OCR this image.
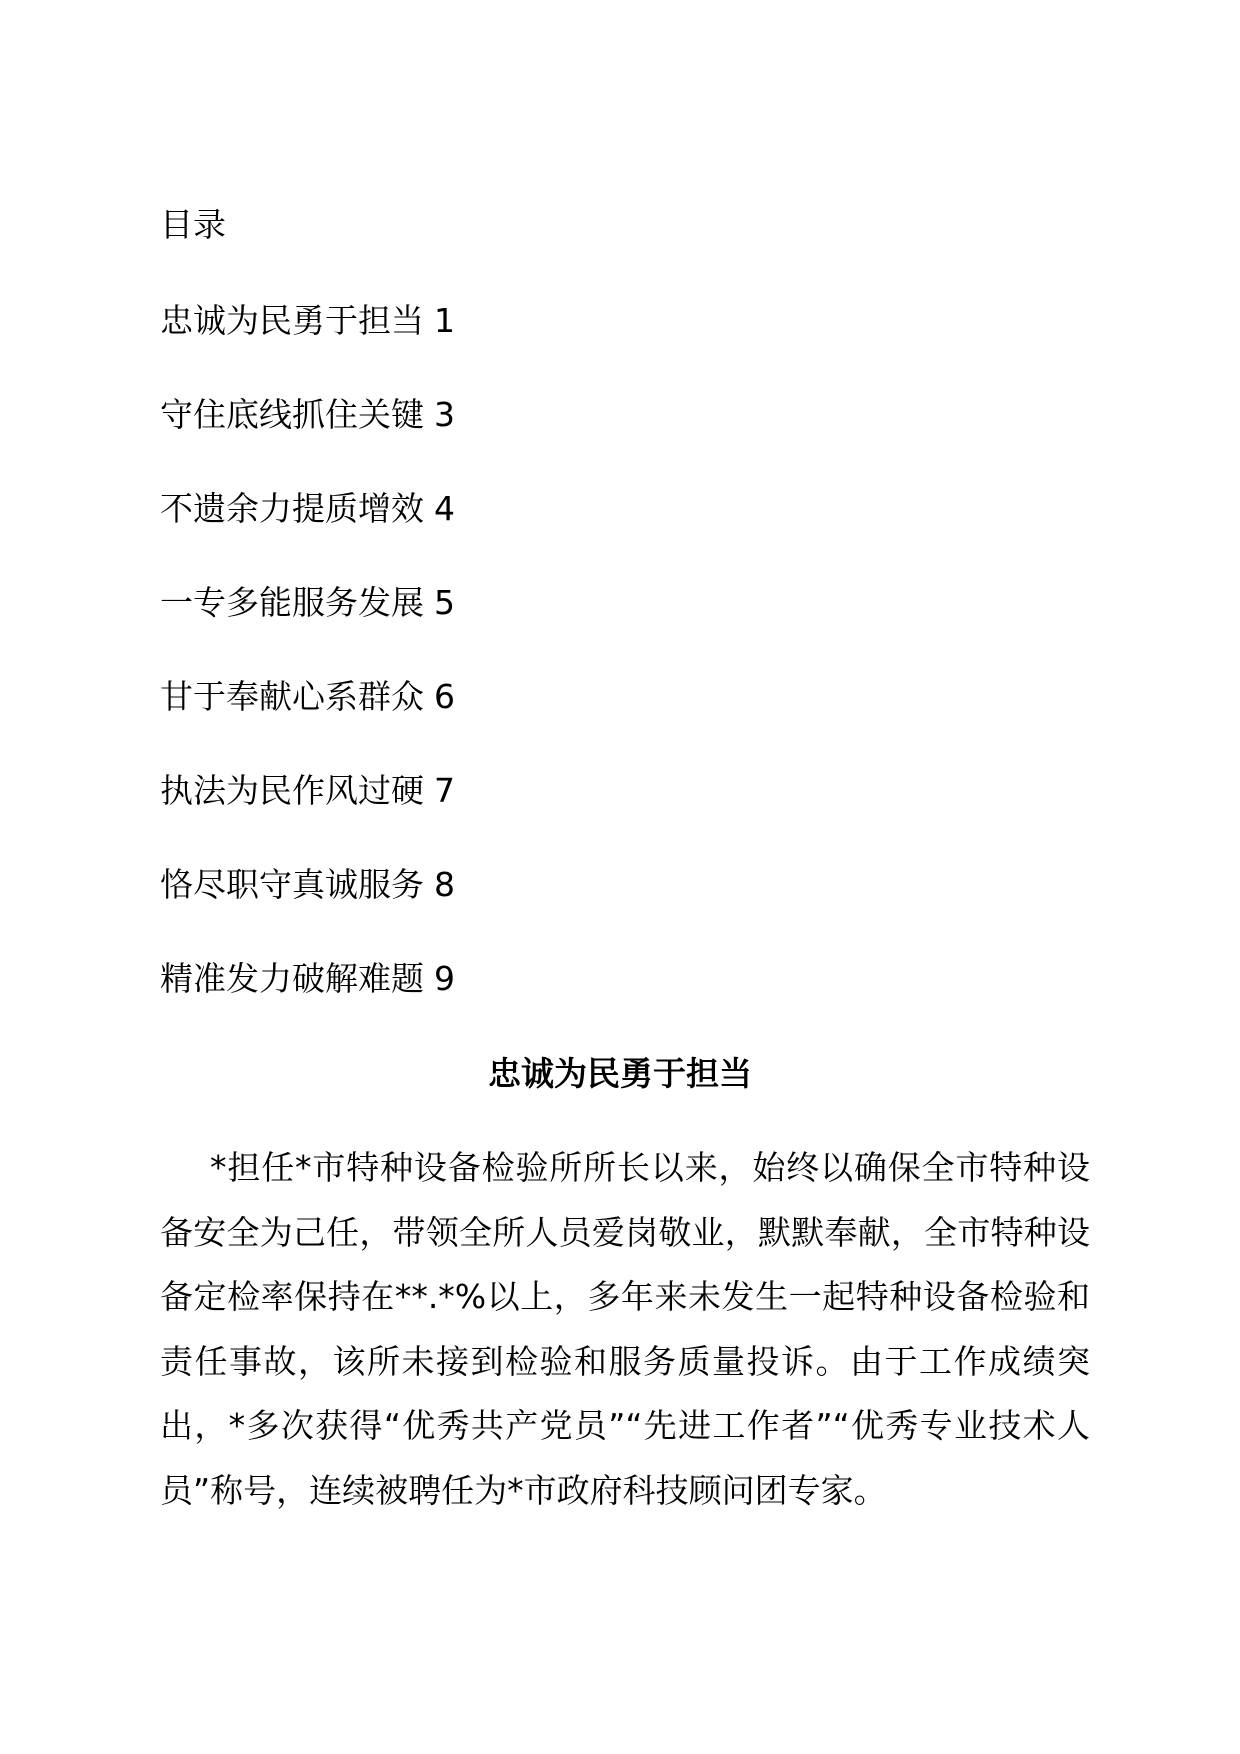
目录
忠诚为民勇于担当 1
守住底线抓住关键 3
不遗余力提质增效 4
一专多能服务发展 5
甘于奉献心系群众 6
执法为民作风过硬 7
恪尽职守真诚服务 8
精准发力破解难题 9
忠诚为民勇于担当

*担任*市特种设备检验所所长以来，始终以确保全市特种设备安全为己任，带领全所人员爱岗敬业，默默奉献，全市特种设备定检率保持在**.*%以上，多年来未发生一起特种设备检验和责任事故，该所未接到检验和服务质量投诉。由于工作成绩突出，*多次获得“优秀共产党员”“先进工作者”“优秀专业技术人员”称号，连续被聘任为*市政府科技顾问团专家。
